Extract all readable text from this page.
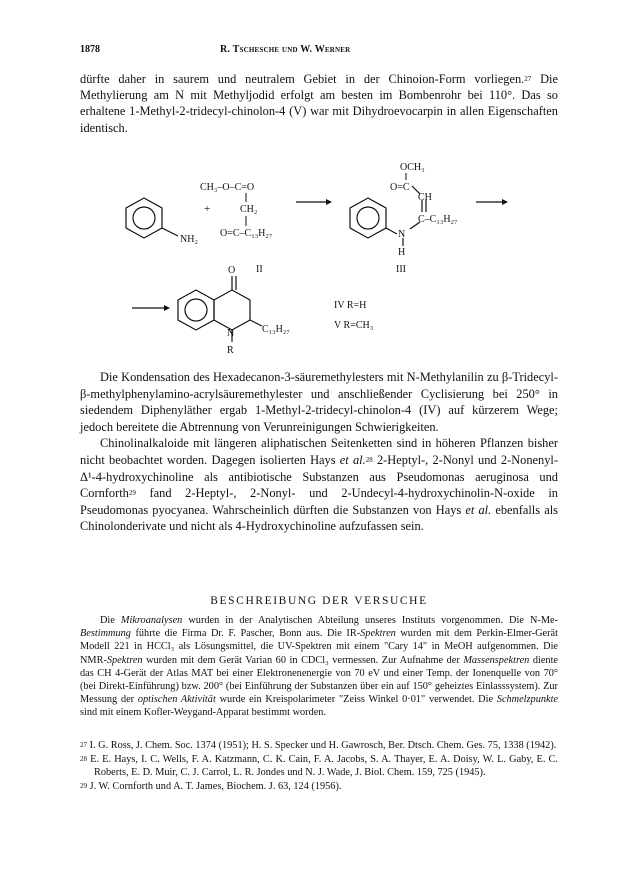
1878	R. Tschesche und W. Werner

dürfte daher in saurem und neutralem Gebiet in der Chinoion-Form vorliegen.$^{27}$ Die Methylierung am N mit Methyljodid erfolgt am besten im Bombenrohr bei 110°. Das so erhaltene 1-Methyl-2-tridecyl-chinolon-4 (V) war mit Dihydroevocarpin in allen Eigenschaften identisch.

NH₂
+
CH₃–O–C=O
CH₂
O=C–C₁₃H₂₇
OCH₃
O=C
CH
C–C₁₃H₂₇
N
H
II	III
O
N	C₁₃H₂₇
R
IV R=H
V R=CH₃

Die Kondensation des Hexadecanon-3-säuremethylesters mit N-Methylanilin zu β-Tridecyl-β-methylphenylamino-acrylsäuremethylester und anschließender Cyclisierung bei 250° in siedendem Diphenyläther ergab 1-Methyl-2-tridecyl-chinolon-4 (IV) auf kürzerem Wege; jedoch bereitete die Abtrennung von Verunreinigungen Schwierigkeiten.

Chinolinalkaloide mit längeren aliphatischen Seitenketten sind in höheren Pflanzen bisher nicht beobachtet worden. Dagegen isolierten Hays et al.$^{28}$ 2-Heptyl-, 2-Nonyl und 2-Nonenyl-Δ¹-4-hydroxychinoline als antibiotische Substanzen aus Pseudomonas aeruginosa und Cornforth$^{29}$ fand 2-Heptyl-, 2-Nonyl- und 2-Undecyl-4-hydroxychinolin-N-oxide in Pseudomonas pyocyanea. Wahrscheinlich dürften die Substanzen von Hays et al. ebenfalls als Chinolonderivate und nicht als 4-Hydroxychinoline aufzufassen sein.

BESCHREIBUNG DER VERSUCHE

Die Mikroanalysen wurden in der Analytischen Abteilung unseres Instituts vorgenommen. Die N-Me-Bestimmung führte die Firma Dr. F. Pascher, Bonn aus. Die IR-Spektren wurden mit dem Perkin-Elmer-Gerät Modell 221 in HCCl₃ als Lösungsmittel, die UV-Spektren mit einem "Cary 14" in MeOH aufgenommen. Die NMR-Spektren wurden mit dem Gerät Varian 60 in CDCl₃ vermessen. Zur Aufnahme der Massenspektren diente das CH 4-Gerät der Atlas MAT bei einer Elektronenenergie von 70 eV und einer Temp. der Ionenquelle von 70° (bei Direkt-Einführung) bzw. 200° (bei Einführung der Substanzen über ein auf 150° geheiztes Einlasssystem). Zur Messung der optischen Aktivität wurde ein Kreispolarimeter "Zeiss Winkel 0·01" verwendet. Die Schmelzpunkte sind mit einem Kofler-Weygand-Apparat bestimmt worden.

$^{27}$ I. G. Ross, J. Chem. Soc. 1374 (1951); H. S. Specker und H. Gawrosch, Ber. Dtsch. Chem. Ges. 75, 1338 (1942).
$^{28}$ E. E. Hays, I. C. Wells, F. A. Katzmann, C. K. Cain, F. A. Jacobs, S. A. Thayer, E. A. Doisy, W. L. Gaby, E. C. Roberts, E. D. Muir, C. J. Carrol, L. R. Jondes und N. J. Wade, J. Biol. Chem. 159, 725 (1945).
$^{29}$ J. W. Cornforth und A. T. James, Biochem. J. 63, 124 (1956).
